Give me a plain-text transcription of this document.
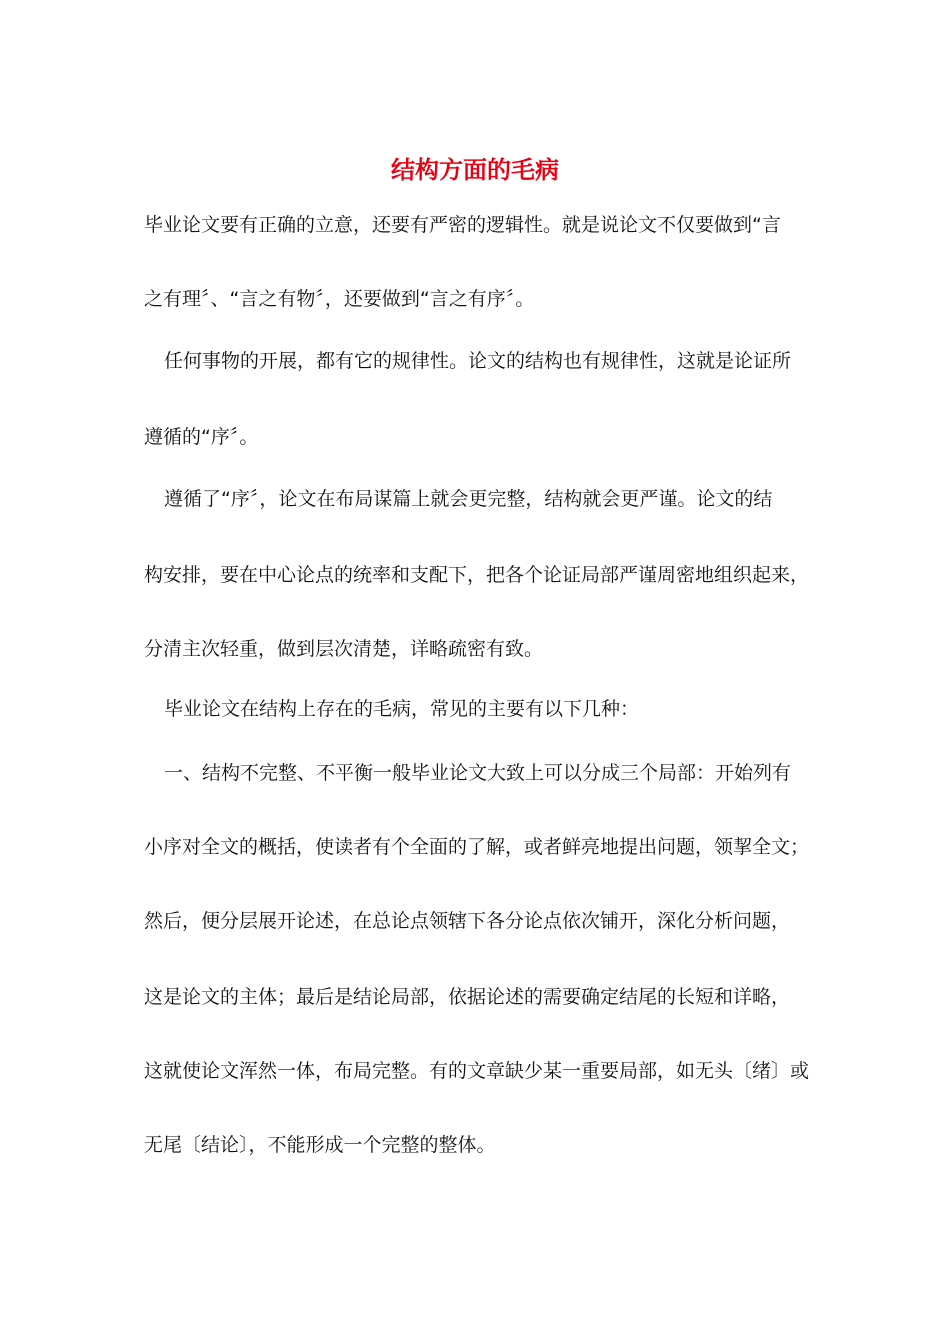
结构方面的毛病
毕业论文要有正确的立意，还要有严密的逻辑性。就是说论文不仅要做到“言
之有理〞、“言之有物〞，还要做到“言之有序〞。
任何事物的开展，都有它的规律性。论文的结构也有规律性，这就是论证所
遵循的“序〞。
遵循了“序〞，论文在布局谋篇上就会更完整，结构就会更严谨。论文的结
构安排，要在中心论点的统率和支配下，把各个论证局部严谨周密地组织起来，
分清主次轻重，做到层次清楚，详略疏密有致。
毕业论文在结构上存在的毛病，常见的主要有以下几种：
一、结构不完整、不平衡一般毕业论文大致上可以分成三个局部：开始列有
小序对全文的概括，使读者有个全面的了解，或者鲜亮地提出问题，领挈全文；
然后，便分层展开论述，在总论点领辖下各分论点依次铺开，深化分析问题，
这是论文的主体；最后是结论局部，依据论述的需要确定结尾的长短和详略，
这就使论文浑然一体，布局完整。有的文章缺少某一重要局部，如无头〔绪〕或
无尾〔结论〕，不能形成一个完整的整体。
